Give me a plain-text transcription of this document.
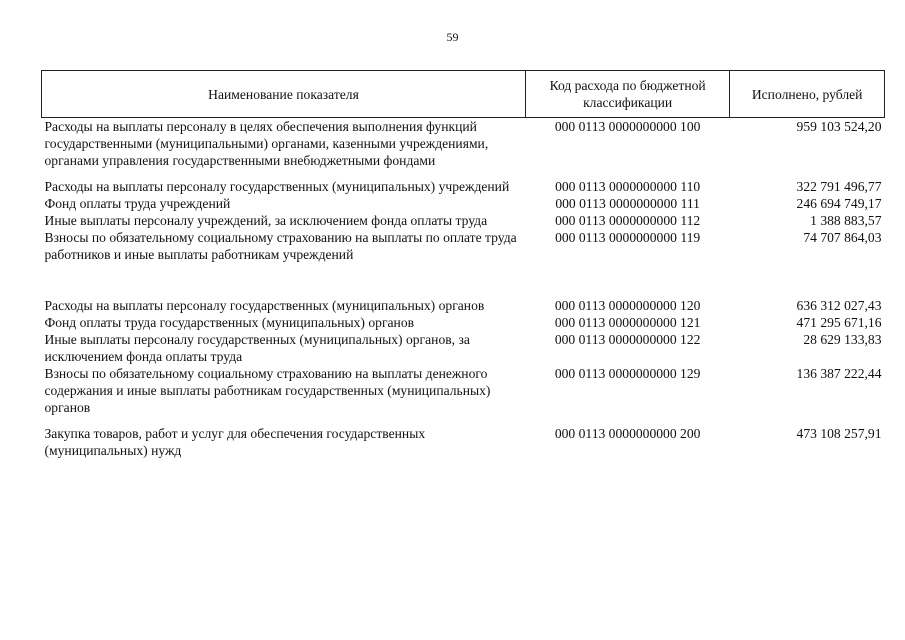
59
Наименование показателя	Код расхода по бюджетной классификации	Исполнено, рублей
Расходы на выплаты персоналу в целях обеспечения выполнения функций государственными (муниципальными) органами, казенными учреждениями, органами управления государственными внебюджетными фондами	000 0113 0000000000 100	959 103 524,20
Расходы на выплаты персоналу государственных (муниципальных) учреждений	000 0113 0000000000 110	322 791 496,77
Фонд оплаты труда учреждений	000 0113 0000000000 111	246 694 749,17
Иные выплаты персоналу учреждений, за исключением фонда оплаты труда	000 0113 0000000000 112	1 388 883,57
Взносы по обязательному социальному страхованию на выплаты по оплате труда работников и иные выплаты работникам учреждений	000 0113 0000000000 119	74 707 864,03
Расходы на выплаты персоналу государственных (муниципальных) органов	000 0113 0000000000 120	636 312 027,43
Фонд оплаты труда государственных (муниципальных) органов	000 0113 0000000000 121	471 295 671,16
Иные выплаты персоналу государственных (муниципальных) органов, за исключением фонда оплаты труда	000 0113 0000000000 122	28 629 133,83
Взносы по обязательному социальному страхованию на выплаты денежного содержания и иные выплаты работникам государственных (муниципальных) органов	000 0113 0000000000 129	136 387 222,44
Закупка товаров, работ и услуг для обеспечения государственных (муниципальных) нужд	000 0113 0000000000 200	473 108 257,91
